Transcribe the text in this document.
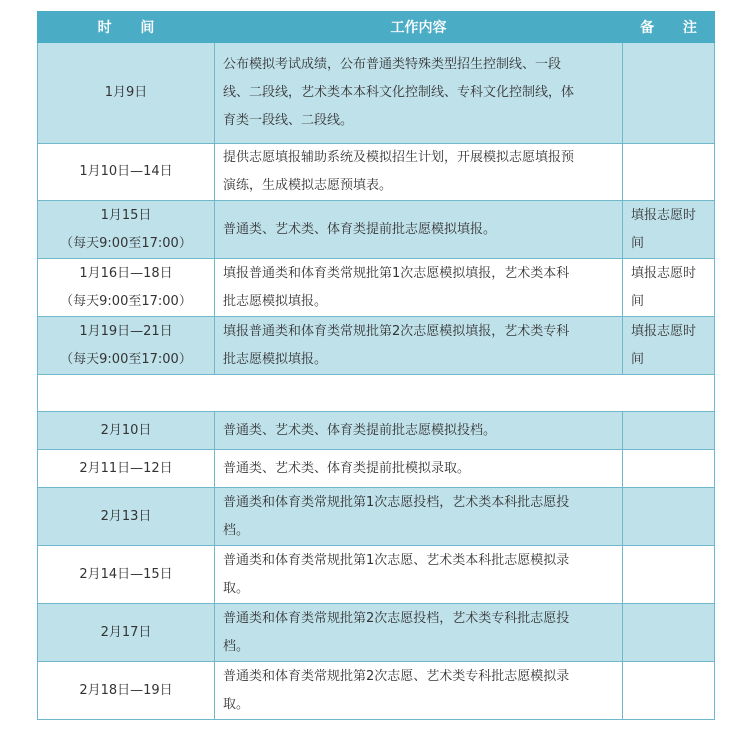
时 间	工作内容	备 注

1月9日	公布模拟考试成绩，公布普通类特殊类型招生控制线、一段
线、二段线，艺术类本本科文化控制线、专科文化控制线，体
育类一段线、二段线。	

1月10日—14日	提供志愿填报辅助系统及模拟招生计划，开展模拟志愿填报预
演练，生成模拟志愿预填表。	

1月15日
（每天9:00至17:00）	普通类、艺术类、体育类提前批志愿模拟填报。	填报志愿时
间

1月16日—18日
（每天9:00至17:00）	填报普通类和体育类常规批第1次志愿模拟填报，艺术类本科
批志愿模拟填报。	填报志愿时
间

1月19日—21日
（每天9:00至17:00）	填报普通类和体育类常规批第2次志愿模拟填报，艺术类专科
批志愿模拟填报。	填报志愿时
间

2月10日	普通类、艺术类、体育类提前批志愿模拟投档。	

2月11日—12日	普通类、艺术类、体育类提前批模拟录取。	

2月13日	普通类和体育类常规批第1次志愿投档，艺术类本科批志愿投
档。	

2月14日—15日	普通类和体育类常规批第1次志愿、艺术类本科批志愿模拟录
取。	

2月17日	普通类和体育类常规批第2次志愿投档，艺术类专科批志愿投
档。	

2月18日—19日	普通类和体育类常规批第2次志愿、艺术类专科批志愿模拟录
取。	
